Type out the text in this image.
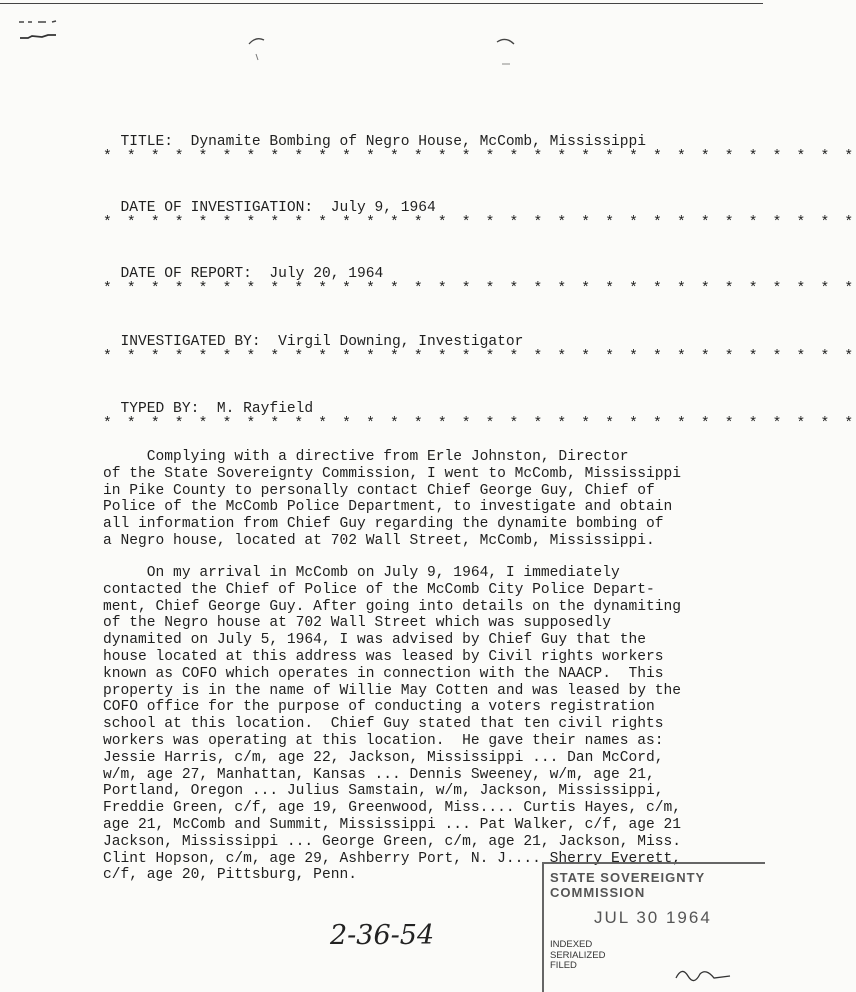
TITLE: Dynamite Bombing of Negro House, McComb, Mississippi

* * * * * * * * * * * * * * * * * * * * * * * * * * * * * * * *

DATE OF INVESTIGATION: July 9, 1964

* * * * * * * * * * * * * * * * * * * * * * * * * * * * * * * *

DATE OF REPORT: July 20, 1964

* * * * * * * * * * * * * * * * * * * * * * * * * * * * * * * *

INVESTIGATED BY: Virgil Downing, Investigator

* * * * * * * * * * * * * * * * * * * * * * * * * * * * * * * *

TYPED BY: M. Rayfield

* * * * * * * * * * * * * * * * * * * * * * * * * * * * * * * *
Complying with a directive from Erle Johnston, Director
of the State Sovereignty Commission, I went to McComb, Mississippi
in Pike County to personally contact Chief George Guy, Chief of
Police of the McComb Police Department, to investigate and obtain
all information from Chief Guy regarding the dynamite bombing of
a Negro house, located at 702 Wall Street, McComb, Mississippi.
On my arrival in McComb on July 9, 1964, I immediately
contacted the Chief of Police of the McComb City Police Depart-
ment, Chief George Guy. After going into details on the dynamiting
of the Negro house at 702 Wall Street which was supposedly
dynamited on July 5, 1964, I was advised by Chief Guy that the
house located at this address was leased by Civil rights workers
known as COFO which operates in connection with the NAACP.  This
property is in the name of Willie May Cotten and was leased by the
COFO office for the purpose of conducting a voters registration
school at this location.  Chief Guy stated that ten civil rights
workers was operating at this location.  He gave their names as:
Jessie Harris, c/m, age 22, Jackson, Mississippi ... Dan McCord,
w/m, age 27, Manhattan, Kansas ... Dennis Sweeney, w/m, age 21,
Portland, Oregon ... Julius Samstain, w/m, Jackson, Mississippi,
Freddie Green, c/f, age 19, Greenwood, Miss.... Curtis Hayes, c/m,
age 21, McComb and Summit, Mississippi ... Pat Walker, c/f, age 21
Jackson, Mississippi ... George Green, c/m, age 21, Jackson, Miss.
Clint Hopson, c/m, age 29, Ashberry Port, N. J.... Sherry Everett,
c/f, age 20, Pittsburg, Penn.
2-36-54
STATE SOVEREIGNTY COMMISSION
JUL 30 1964
INDEXED
SERIALIZED
FILED
